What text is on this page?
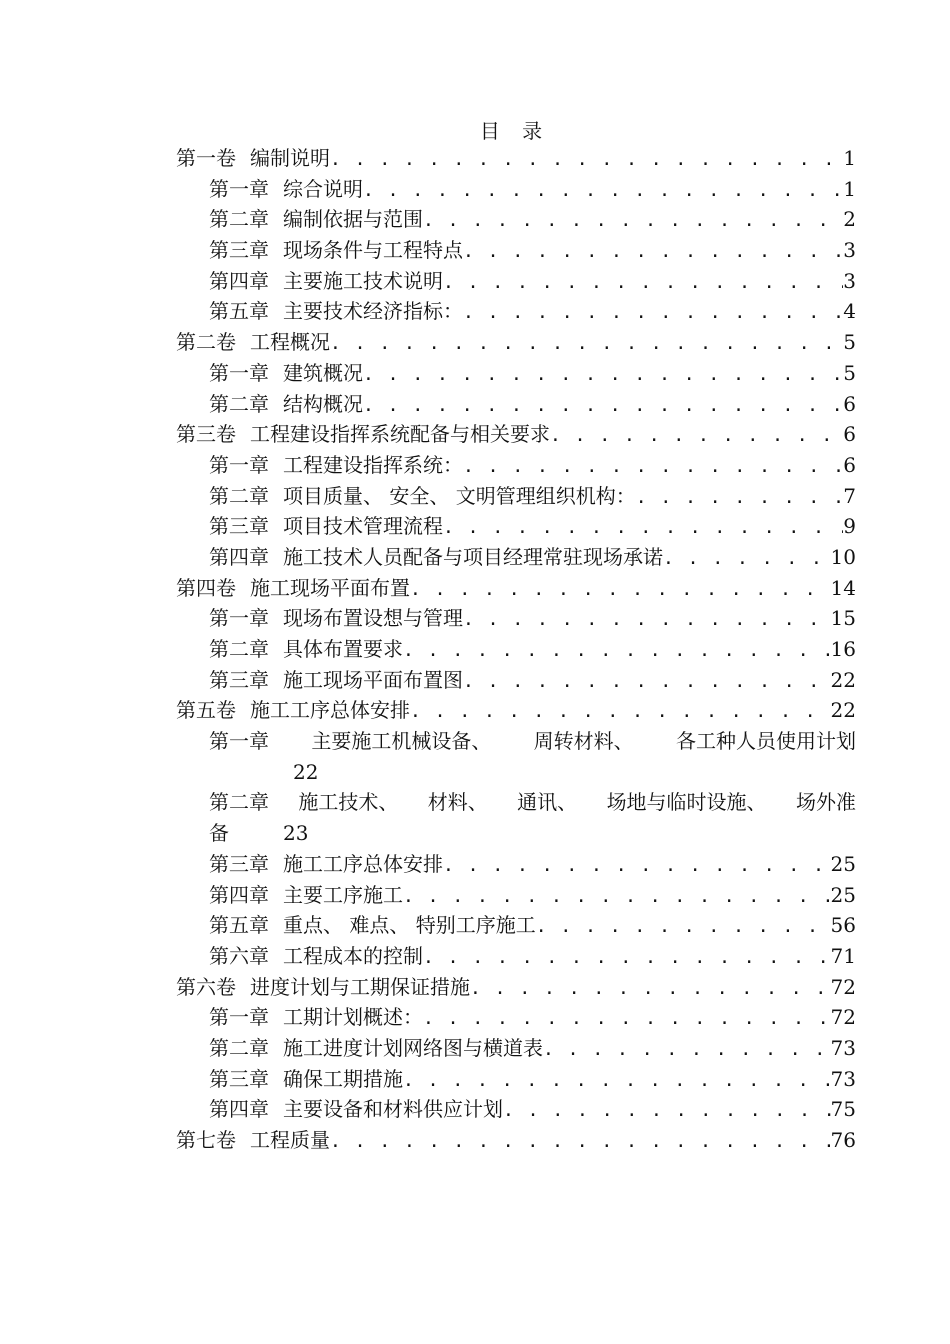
目 录
第一卷 编制说明 . . .	1
第一章 综合说明 . . .	1
第二章 编制依据与范围 . . .	2
第三章 现场条件与工程特点 . . .	3
第四章 主要施工技术说明 . . .	3
第五章 主要技术经济指标： . . .	4
第二卷 工程概况 . . .	5
第一章 建筑概况 . . .	5
第二章 结构概况 . . .	6
第三卷 工程建设指挥系统配备与相关要求 . . .	6
第一章 工程建设指挥系统： . . .	6
第二章 项目质量、 安全、 文明管理组织机构： . . .	7
第三章 项目技术管理流程 . . .	9
第四章 施工技术人员配备与项目经理常驻现场承诺 . . .	10
第四卷 施工现场平面布置 . . .	14
第一章 现场布置设想与管理 . . .	15
第二章 具体布置要求 . . .	16
第三章 施工现场平面布置图 . . .	22
第五卷 施工工序总体安排 . . .	22
第一章 主要施工机械设备、 周转材料、 各工种人员使用计划
22
第二章 施工技术、 材料、 通讯、 场地与临时设施、 场外准
备	23
第三章 施工工序总体安排 . . .	25
第四章 主要工序施工 . . .	25
第五章 重点、 难点、 特别工序施工 . . .	56
第六章 工程成本的控制 . . .	71
第六卷 进度计划与工期保证措施 . . .	72
第一章 工期计划概述： . . .	72
第二章 施工进度计划网络图与横道表 . . .	73
第三章 确保工期措施 . . .	73
第四章 主要设备和材料供应计划 . . .	75
第七卷 工程质量 . . .	76
